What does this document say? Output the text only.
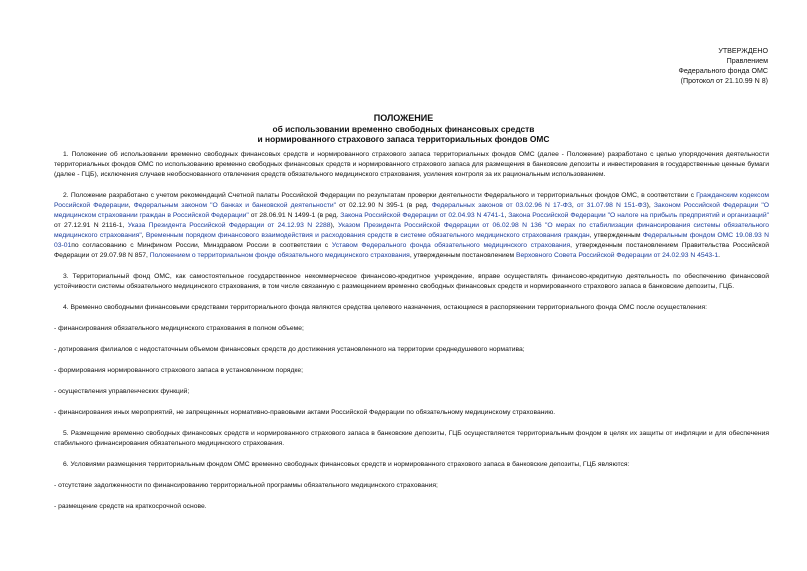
УТВЕРЖДЕНО
Правлением
Федерального фонда ОМС
(Протокол от 21.10.99 N 8)
ПОЛОЖЕНИЕ
об использовании временно свободных финансовых средств
и нормированного страхового запаса территориальных фондов ОМС

1. Положение об использовании временно свободных финансовых средств и нормированного страхового запаса территориальных фондов ОМС (далее - Положение) разработано с целью упорядочения деятельности территориальных фондов ОМС по использованию временно свободных финансовых средств и нормированного страхового запаса для размещения в банковские депозиты и инвестирования в государственные ценные бумаги (далее - ГЦБ), исключения случаев необоснованного отвлечения средств обязательного медицинского страхования, усиления контроля за их рациональным использованием.

2. Положение разработано с учетом рекомендаций Счетной палаты Российской Федерации по результатам проверки деятельности Федерального и территориальных фондов ОМС, в соответствии с Гражданским кодексом Российской Федерации, Федеральным законом "О банках и банковской деятельности" от 02.12.90 N 395-1 (в ред. Федеральных законов от 03.02.96 N 17-ФЗ, от 31.07.98 N 151-ФЗ), Законом Российской Федерации "О медицинском страховании граждан в Российской Федерации" от 28.06.91 N 1499-1 (в ред. Закона Российской Федерации от 02.04.93 N 4741-1, Закона Российской Федерации "О налоге на прибыль предприятий и организаций" от 27.12.91 N 2116-1, Указа Президента Российской Федерации от 24.12.93 N 2288), Указом Президента Российской Федерации от 06.02.98 N 136 "О мерах по стабилизации финансирования системы обязательного медицинского страхования", Временным порядком финансового взаимодействия и расходования средств в системе обязательного медицинского страхования граждан, утвержденным Федеральным фондом ОМС 19.08.93 N 03-01по согласованию с Минфином России, Минздравом России в соответствии с Уставом Федерального фонда обязательного медицинского страхования, утвержденным постановлением Правительства Российской Федерации от 29.07.98 N 857, Положением о территориальном фонде обязательного медицинского страхования, утвержденным постановлением Верховного Совета Российской Федерации от 24.02.93 N 4543-1.

3. Территориальный фонд ОМС, как самостоятельное государственное некоммерческое финансово-кредитное учреждение, вправе осуществлять финансово-кредитную деятельность по обеспечению финансовой устойчивости системы обязательного медицинского страхования, в том числе связанную с размещением временно свободных финансовых средств и нормированного страхового запаса в банковские депозиты, ГЦБ.

4. Временно свободными финансовыми средствами территориального фонда являются средства целевого назначения, остающиеся в распоряжении территориального фонда ОМС после осуществления:

- финансирования обязательного медицинского страхования в полном объеме;

- дотирования филиалов с недостаточным объемом финансовых средств до достижения установленного на территории среднедушевого норматива;

- формирования нормированного страхового запаса в установленном порядке;

- осуществления управленческих функций;

- финансирования иных мероприятий, не запрещенных нормативно-правовыми актами Российской Федерации по обязательному медицинскому страхованию.

5. Размещение временно свободных финансовых средств и нормированного страхового запаса в банковские депозиты, ГЦБ осуществляется территориальным фондом в целях их защиты от инфляции и для обеспечения стабильного финансирования обязательного медицинского страхования.

6. Условиями размещения территориальным фондом ОМС временно свободных финансовых средств и нормированного страхового запаса в банковские депозиты, ГЦБ являются:

- отсутствие задолженности по финансированию территориальной программы обязательного медицинского страхования;

- размещение средств на краткосрочной основе.
